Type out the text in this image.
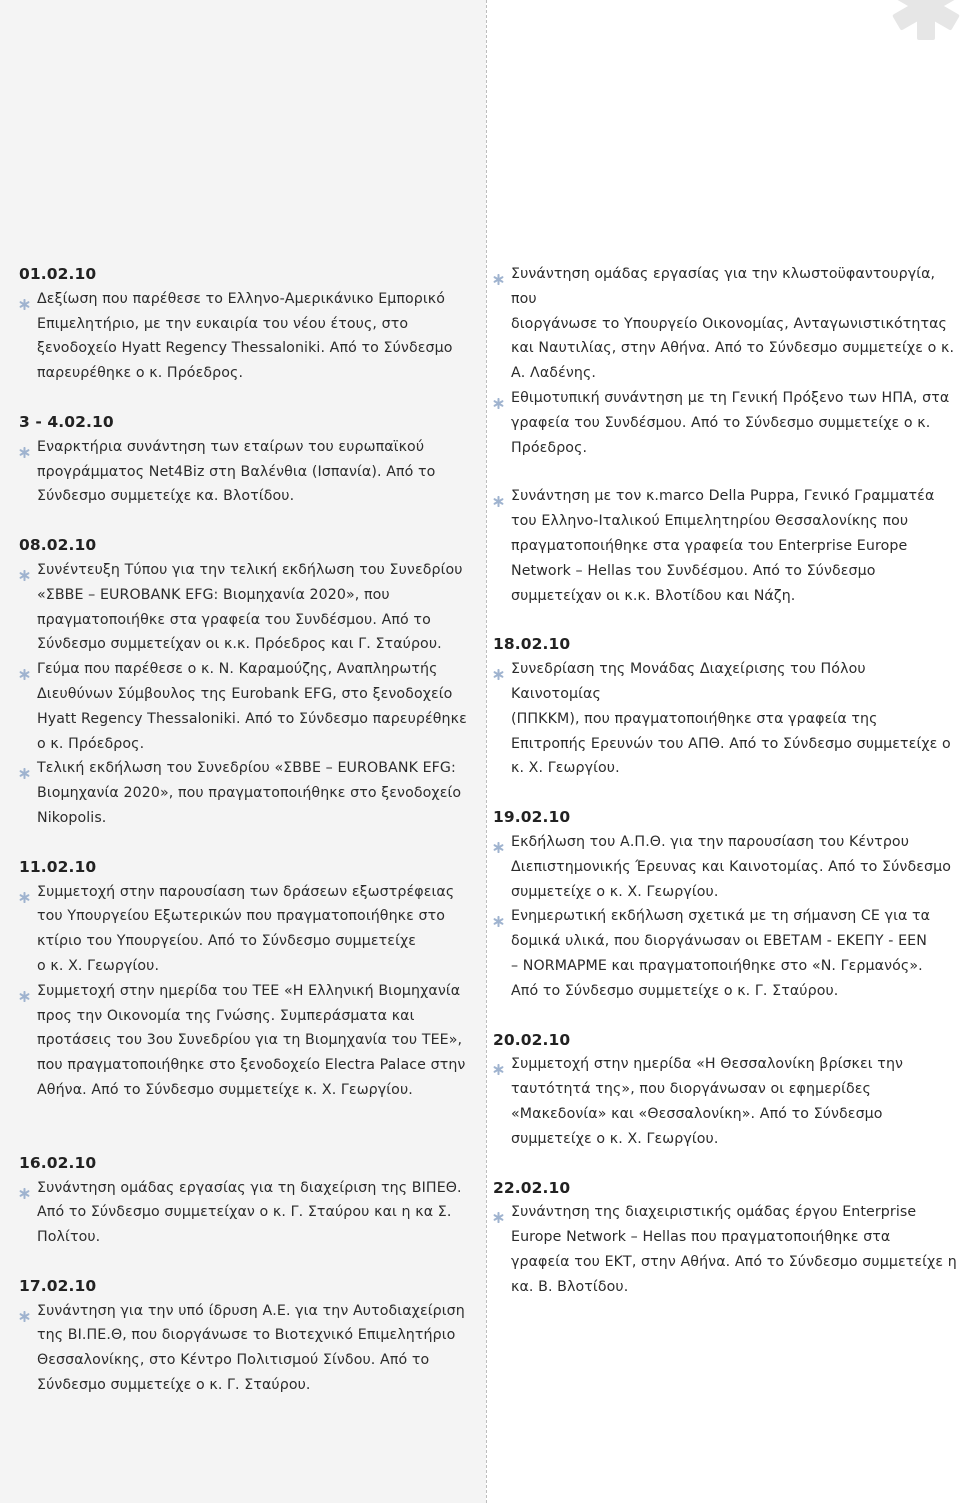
01.02.10
Δεξίωση που παρέθεσε το Ελληνο-Αμερικάνικο Εμπορικό
Επιμελητήριο, με την ευκαιρία του νέου έτους, στο
ξενοδοχείο Hyatt Regency Thessaloniki. Από το Σύνδεσμο
παρευρέθηκε ο κ. Πρόεδρος.
3 - 4.02.10
Εναρκτήρια συνάντηση των εταίρων του ευρωπαϊκού
προγράμματος Net4Biz στη Βαλένθια (Ισπανία). Από το
Σύνδεσμο συμμετείχε κα. Βλοτίδου.
08.02.10
Συνέντευξη Τύπου για την τελική εκδήλωση του Συνεδρίου
«ΣΒΒΕ – EUROBANK EFG: Βιομηχανία 2020», που
πραγματοποιήθκε στα γραφεία του Συνδέσμου. Από το
Σύνδεσμο συμμετείχαν οι κ.κ. Πρόεδρος και Γ. Σταύρου.
Γεύμα που παρέθεσε ο κ. Ν. Καραμούζης, Αναπληρωτής
Διευθύνων Σύμβουλος της Eurobank EFG, στο ξενοδοχείο
Hyatt Regency Thessaloniki. Από το Σύνδεσμο παρευρέθηκε
ο κ. Πρόεδρος.
Τελική εκδήλωση του Συνεδρίου «ΣΒΒΕ – EUROBANK EFG:
Βιομηχανία 2020», που πραγματοποιήθηκε στο ξενοδοχείο
Nikopolis.
11.02.10
Συμμετοχή στην παρουσίαση των δράσεων εξωστρέφειας
του Υπουργείου Εξωτερικών που πραγματοποιήθηκε στο
κτίριο του Υπουργείου. Από το Σύνδεσμο συμμετείχε
ο κ. Χ. Γεωργίου.
Συμμετοχή στην ημερίδα του ΤΕΕ «Η Ελληνική Βιομηχανία
προς την Οικονομία της Γνώσης. Συμπεράσματα και
προτάσεις του 3ου Συνεδρίου για τη Βιομηχανία του ΤΕΕ»,
που πραγματοποιήθηκε στο ξενοδοχείο Electra Palace στην
Αθήνα. Από το Σύνδεσμο συμμετείχε κ. Χ. Γεωργίου.
16.02.10
Συνάντηση ομάδας εργασίας για τη διαχείριση της ΒΙΠΕΘ.
Από το Σύνδεσμο συμμετείχαν ο κ. Γ. Σταύρου και η κα Σ.
Πολίτου.
17.02.10
Συνάντηση για την υπό ίδρυση Α.Ε. για την Αυτοδιαχείριση
της ΒΙ.ΠΕ.Θ, που διοργάνωσε το Βιοτεχνικό Επιμελητήριο
Θεσσαλονίκης, στο Κέντρο Πολιτισμού Σίνδου. Από το
Σύνδεσμο συμμετείχε ο κ. Γ. Σταύρου.
Συνάντηση ομάδας εργασίας για την κλωστοϋφαντουργία, που
διοργάνωσε το Υπουργείο Οικονομίας, Ανταγωνιστικότητας
και Ναυτιλίας, στην Αθήνα. Από το Σύνδεσμο συμμετείχε ο κ.
Α. Λαδένης.
Εθιμοτυπική συνάντηση με τη Γενική Πρόξενο των ΗΠΑ, στα
γραφεία του Συνδέσμου. Από το Σύνδεσμο συμμετείχε ο κ.
Πρόεδρος.
Συνάντηση με τον κ.marco Della Puppa, Γενικό Γραμματέα
του Ελληνο-Ιταλικού Επιμελητηρίου Θεσσαλονίκης που
πραγματοποιήθηκε στα γραφεία του Enterprise Europe
Network – Hellas του Συνδέσμου. Από το Σύνδεσμο
συμμετείχαν οι κ.κ. Βλοτίδου και Νάζη.
18.02.10
Συνεδρίαση της Μονάδας Διαχείρισης του Πόλου Καινοτομίας
(ΠΠΚΚΜ), που πραγματοποιήθηκε στα γραφεία της
Επιτροπής Ερευνών του ΑΠΘ. Από το Σύνδεσμο συμμετείχε ο
κ. Χ. Γεωργίου.
19.02.10
Εκδήλωση του Α.Π.Θ. για την παρουσίαση του Κέντρου
Διεπιστημονικής Έρευνας και Καινοτομίας. Από το Σύνδεσμο
συμμετείχε ο κ. Χ. Γεωργίου.
Ενημερωτική εκδήλωση σχετικά με τη σήμανση CE για τα
δομικά υλικά, που διοργάνωσαν οι ΕΒΕΤΑΜ - ΕΚΕΠΥ - ΕΕΝ
– NORMAPME και πραγματοποιήθηκε στο «Ν. Γερμανός».
Από το Σύνδεσμο συμμετείχε ο κ. Γ. Σταύρου.
20.02.10
Συμμετοχή στην ημερίδα «Η Θεσσαλονίκη βρίσκει την
ταυτότητά της», που διοργάνωσαν οι εφημερίδες
«Μακεδονία» και «Θεσσαλονίκη». Από το Σύνδεσμο
συμμετείχε ο κ. Χ. Γεωργίου.
22.02.10
Συνάντηση της διαχειριστικής ομάδας έργου Enterprise
Europe Network – Hellas που πραγματοποιήθηκε στα
γραφεία του ΕΚΤ, στην Αθήνα. Από το Σύνδεσμο συμμετείχε η
κα. Β. Βλοτίδου.
